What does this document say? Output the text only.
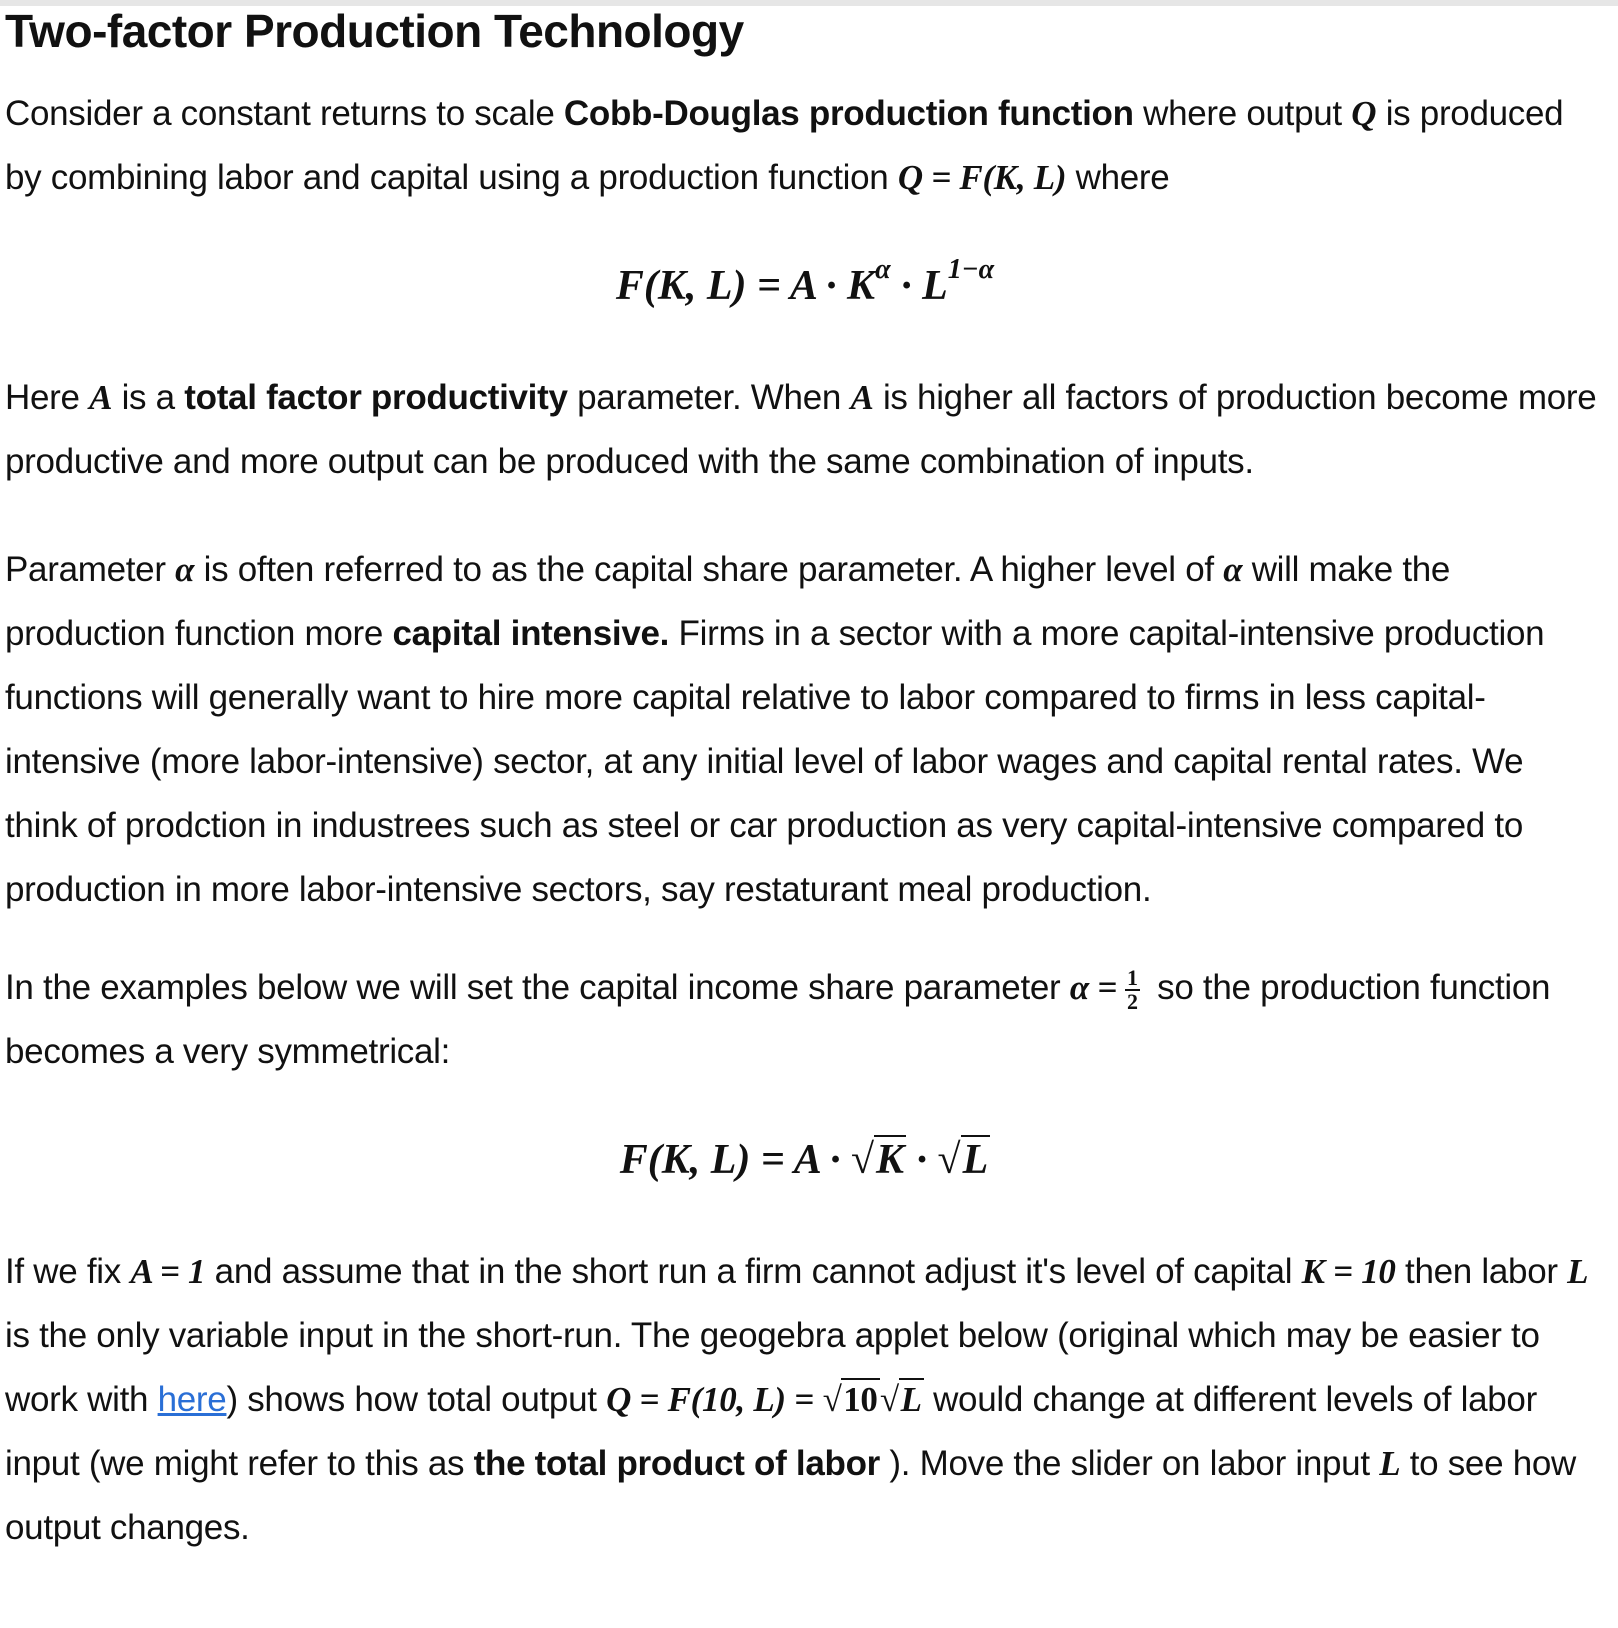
Two-factor Production Technology
Consider a constant returns to scale Cobb-Douglas production function where output Q is produced by combining labor and capital using a production function Q = F(K, L) where
F(K, $L) = A \cdot K^\alpha \cdot L^{1-\alpha}$
Here A is a total factor productivity parameter. When A is higher all factors of production become more productive and more output can be produced with the same combination of inputs.
Parameter α is often referred to as the capital share parameter. A higher level of α will make the production function more capital intensive. Firms in a sector with a more capital-intensive production functions will generally want to hire more capital relative to labor compared to firms in less capital-intensive (more labor-intensive) sector, at any initial level of labor wages and capital rental rates. We think of prodction in industrees such as steel or car production as very capital-intensive compared to production in more labor-intensive sectors, say restaturant meal production.
In the examples below we will set the capital income share parameter $\alpha = \frac{1}{2}$ so the production function becomes a very symmetrical:
F(K, L) = A · √K · √L
If we fix A = 1 and assume that in the short run a firm cannot adjust it's level of capital K = 10 then labor L is the only variable input in the short-run. The geogebra applet below (original which may be easier to work with here) shows how total output Q = F(10, L) = √10√L would change at different levels of labor input (we might refer to this as the total product of labor ). Move the slider on labor input L to see how output changes.
